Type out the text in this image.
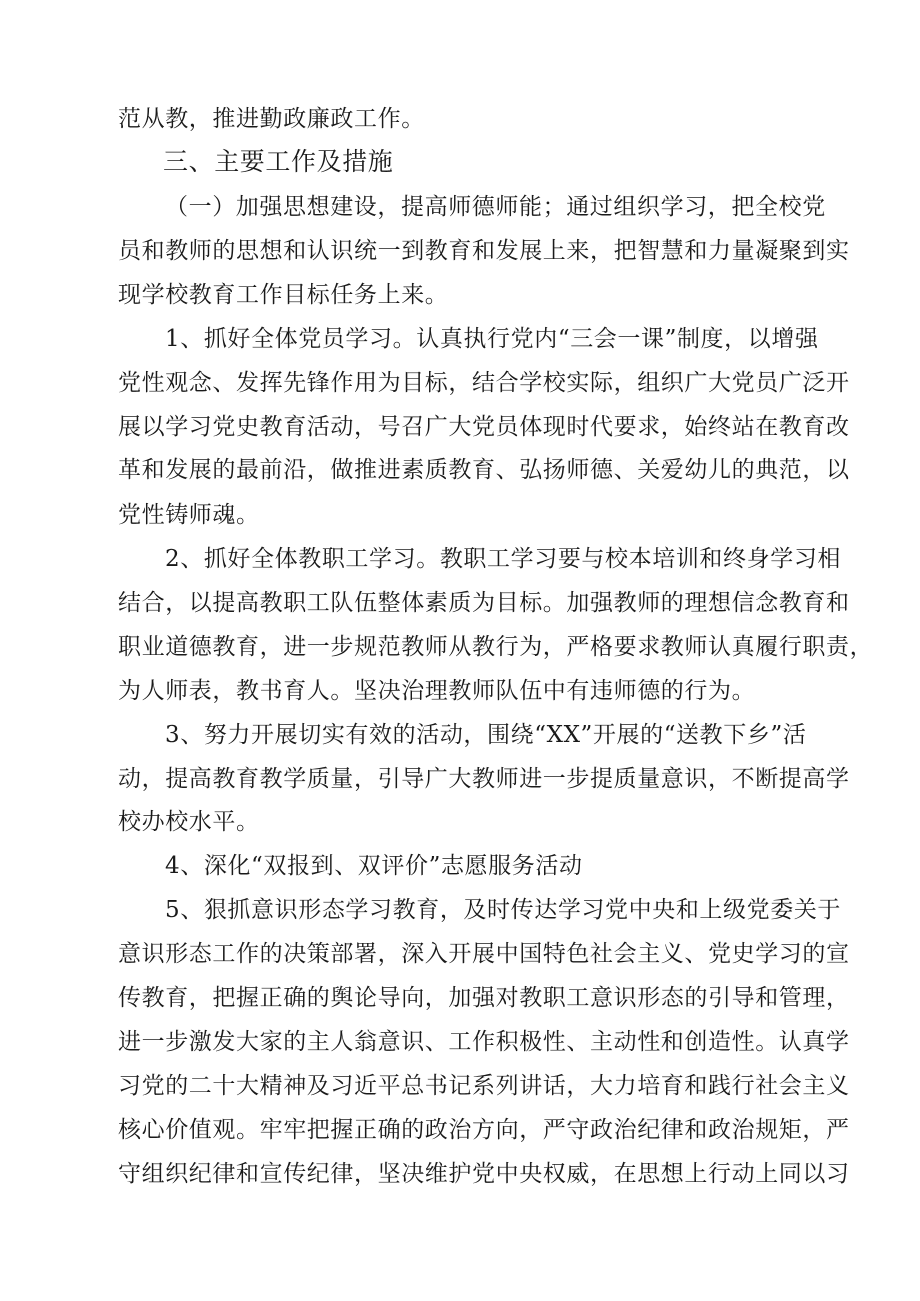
范从教，推进勤政廉政工作。
三、主要工作及措施
（一）加强思想建设，提高师德师能；通过组织学习，把全校党
员和教师的思想和认识统一到教育和发展上来，把智慧和力量凝聚到实
现学校教育工作目标任务上来。
1、抓好全体党员学习。认真执行党内“三会一课”制度，以增强
党性观念、发挥先锋作用为目标，结合学校实际，组织广大党员广泛开
展以学习党史教育活动，号召广大党员体现时代要求，始终站在教育改
革和发展的最前沿，做推进素质教育、弘扬师德、关爱幼儿的典范，以
党性铸师魂。
2、抓好全体教职工学习。教职工学习要与校本培训和终身学习相
结合，以提高教职工队伍整体素质为目标。加强教师的理想信念教育和
职业道德教育，进一步规范教师从教行为，严格要求教师认真履行职责，
为人师表，教书育人。坚决治理教师队伍中有违师德的行为。
3、努力开展切实有效的活动，围绕“XX”开展的“送教下乡”活
动，提高教育教学质量，引导广大教师进一步提质量意识，不断提高学
校办校水平。
4、深化“双报到、双评价”志愿服务活动
5、狠抓意识形态学习教育，及时传达学习党中央和上级党委关于
意识形态工作的决策部署，深入开展中国特色社会主义、党史学习的宣
传教育，把握正确的舆论导向，加强对教职工意识形态的引导和管理，
进一步激发大家的主人翁意识、工作积极性、主动性和创造性。认真学
习党的二十大精神及习近平总书记系列讲话，大力培育和践行社会主义
核心价值观。牢牢把握正确的政治方向，严守政治纪律和政治规矩，严
守组织纪律和宣传纪律，坚决维护党中央权威，在思想上行动上同以习
